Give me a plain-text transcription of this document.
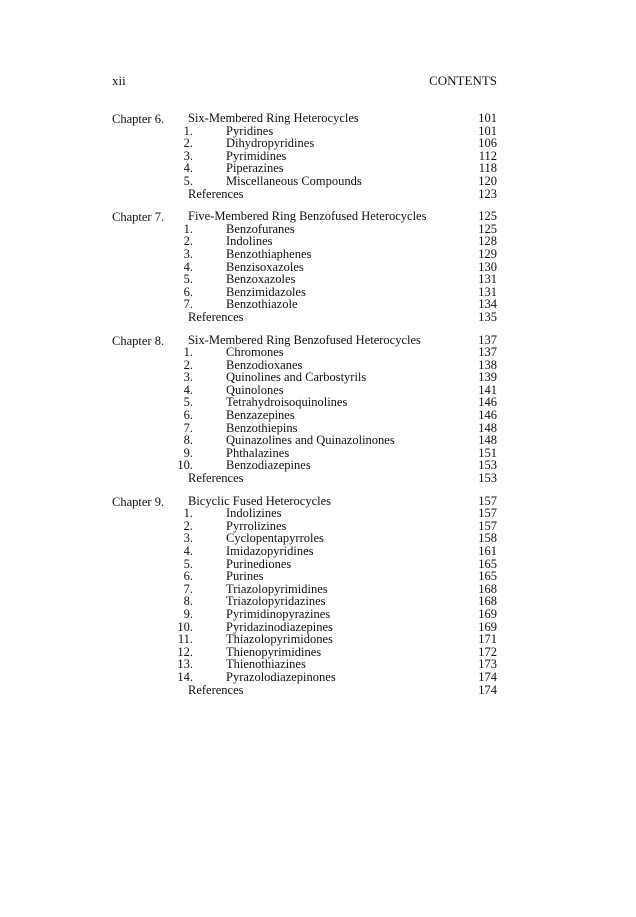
xii	CONTENTS
Chapter 6. Six-Membered Ring Heterocycles	101
1.	Pyridines	101
2.	Dihydropyridines	106
3.	Pyrimidines	112
4.	Piperazines	118
5.	Miscellaneous Compounds	120
References	123
Chapter 7. Five-Membered Ring Benzofused Heterocycles	125
1.	Benzofuranes	125
2.	Indolines	128
3.	Benzothiaphenes	129
4.	Benzisoxazoles	130
5.	Benzoxazoles	131
6.	Benzimidazoles	131
7.	Benzothiazole	134
References	135
Chapter 8. Six-Membered Ring Benzofused Heterocycles	137
1.	Chromones	137
2.	Benzodioxanes	138
3.	Quinolines and Carbostyrils	139
4.	Quinolones	141
5.	Tetrahydroisoquinolines	146
6.	Benzazepines	146
7.	Benzothiepins	148
8.	Quinazolines and Quinazolinones	148
9.	Phthalazines	151
10.	Benzodiazepines	153
References	153
Chapter 9. Bicyclic Fused Heterocycles	157
1.	Indolizines	157
2.	Pyrrolizines	157
3.	Cyclopentapyrroles	158
4.	Imidazopyridines	161
5.	Purinediones	165
6.	Purines	165
7.	Triazolopyrimidines	168
8.	Triazolopyridazines	168
9.	Pyrimidinopyrazines	169
10.	Pyridazinodiazepines	169
11.	Thiazolopyrimidones	171
12.	Thienopyrimidines	172
13.	Thienothiazines	173
14.	Pyrazolodiazepinones	174
References	174
